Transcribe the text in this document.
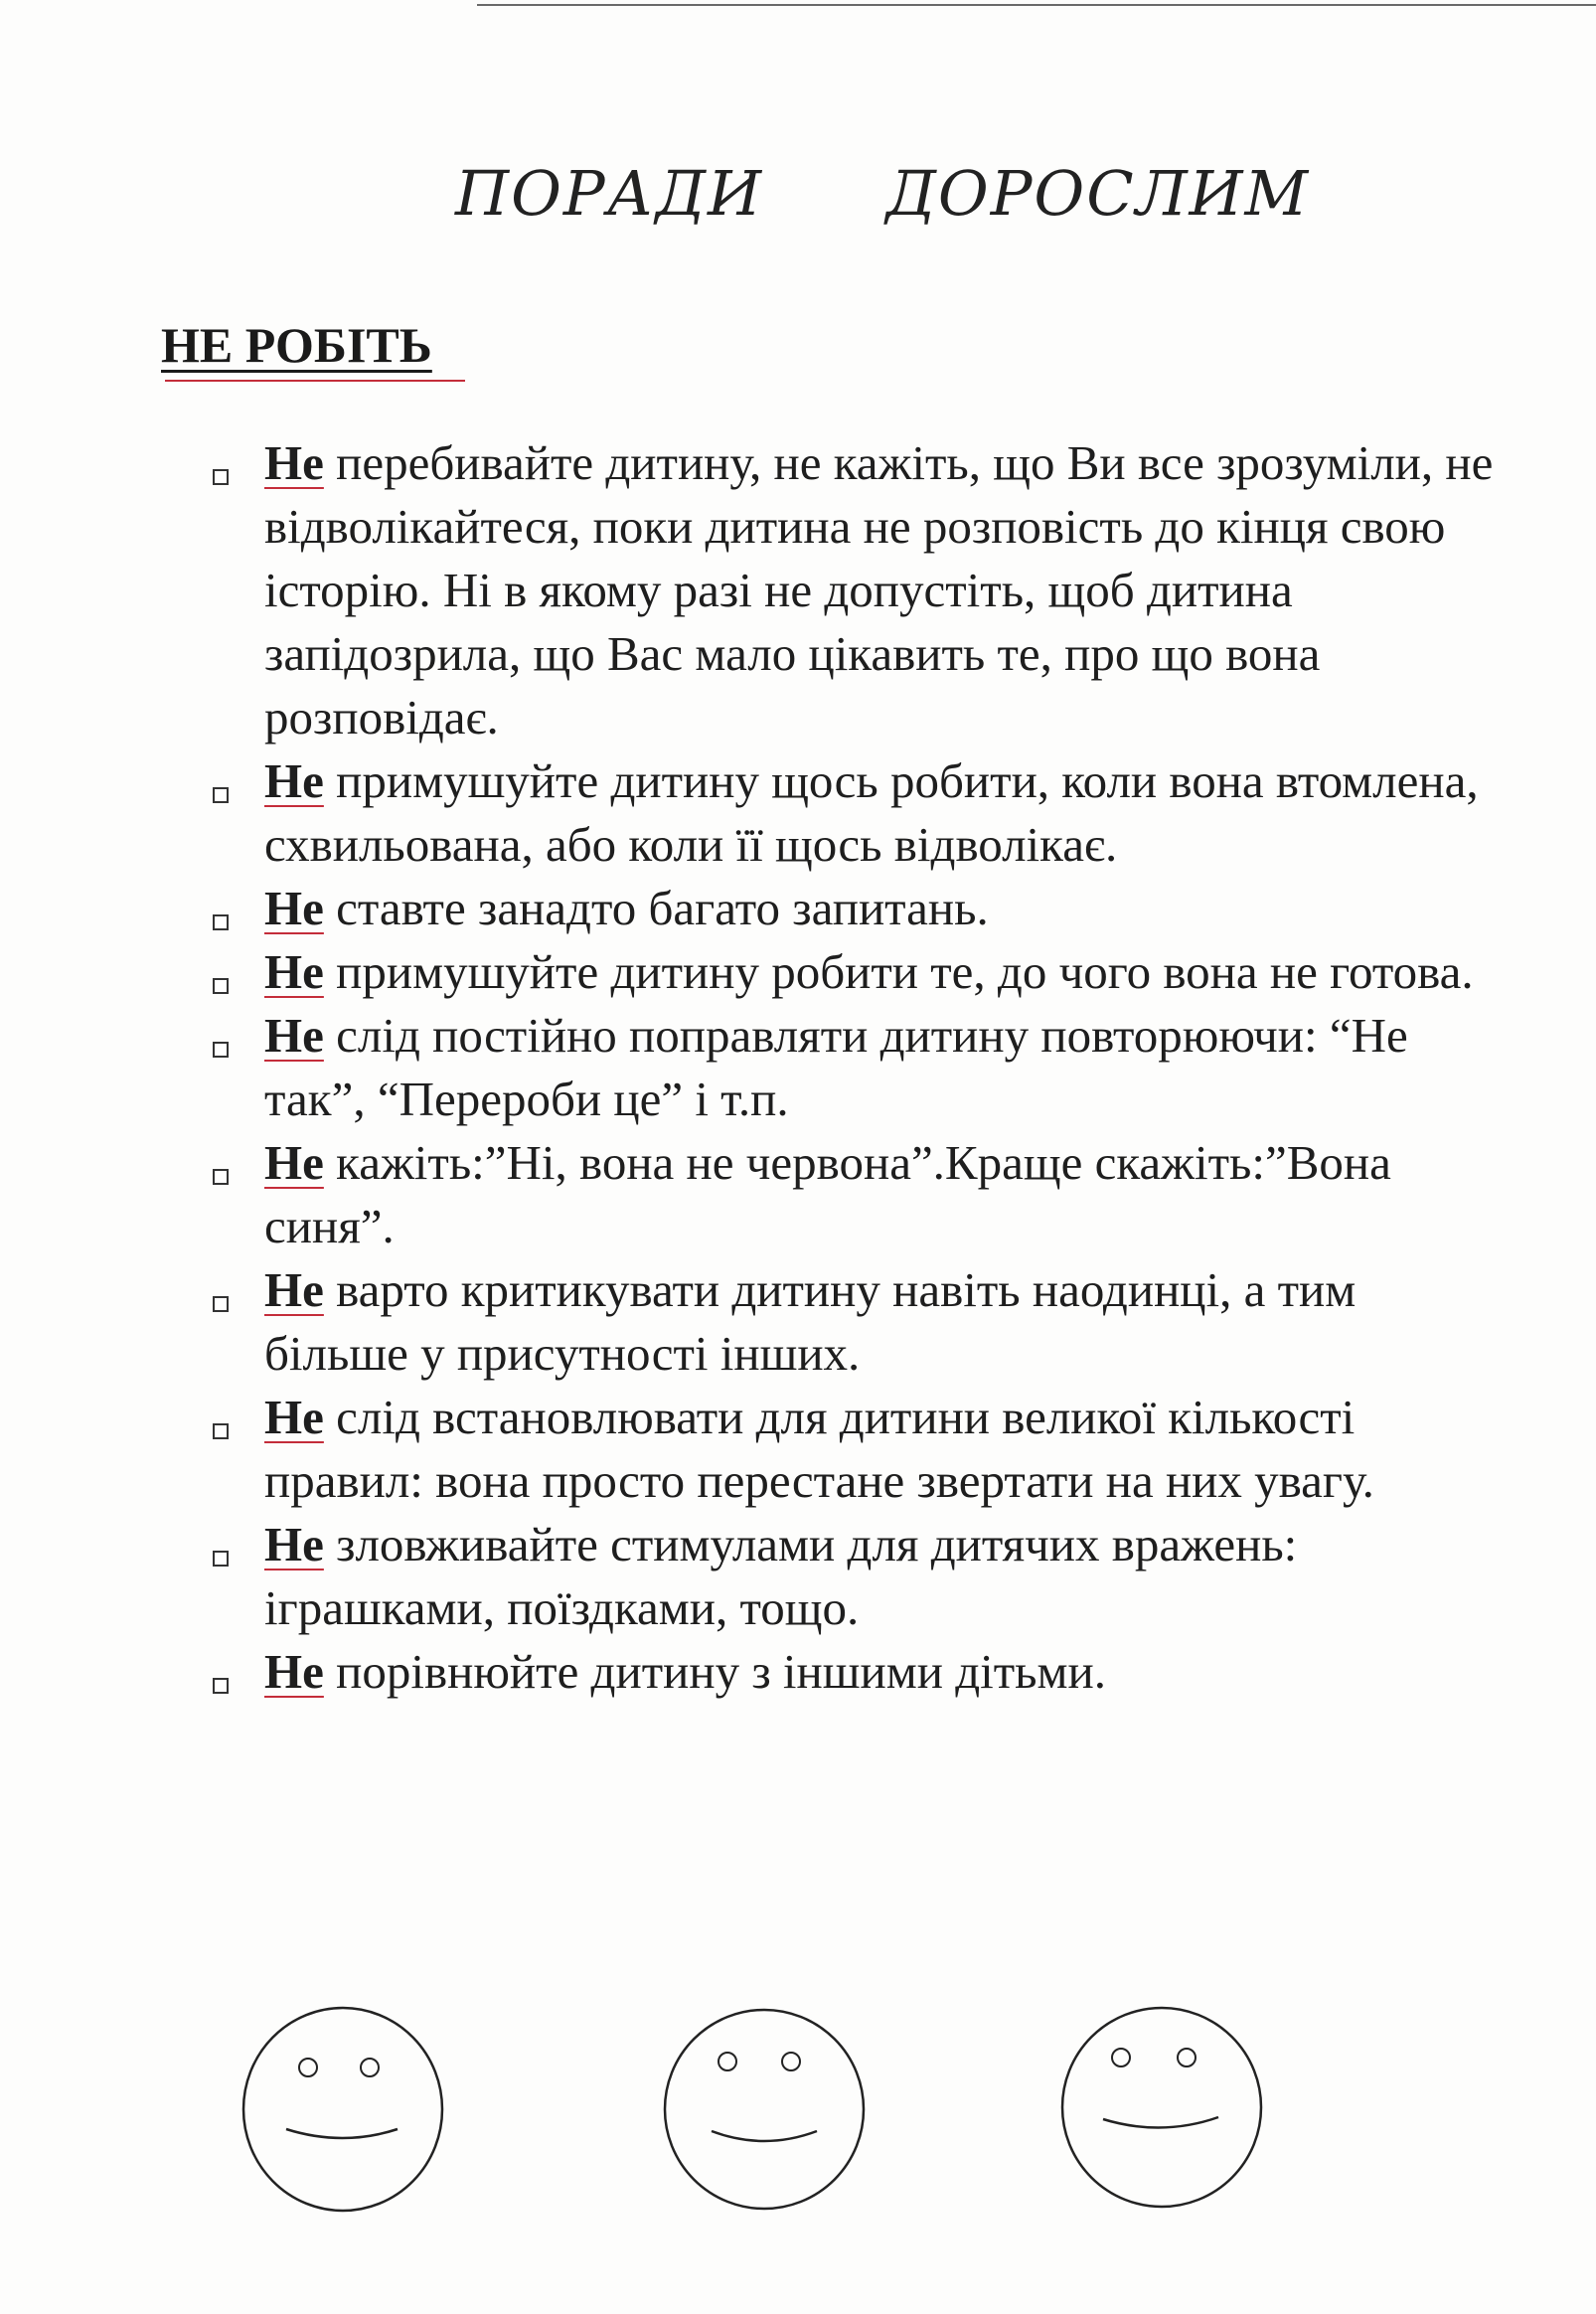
ПОРАДИ ДОРОСЛИМ
НЕ РОБІТЬ
Не перебивайте дитину, не кажіть, що Ви все зрозуміли, не відволікайтеся, поки дитина не розповість до кінця свою історію. Ні в якому разі не допустіть, щоб дитина запідозрила, що Вас мало цікавить те, про що вона розповідає.
Не примушуйте дитину щось робити, коли вона втомлена, схвильована, або коли її щось відволікає.
Не ставте занадто багато запитань.
Не примушуйте дитину робити те, до чого вона не готова.
Не слід постійно поправляти дитину повторюючи: “Не так”, “Перероби це” і т.п.
Не кажіть:”Ні, вона не червона”.Краще скажіть:”Вона синя”.
Не варто критикувати дитину навіть наодинці, а тим більше у присутності інших.
Не слід встановлювати для дитини великої кількості правил: вона просто перестане звертати на них увагу.
Не зловживайте стимулами для дитячих вражень: іграшками, поїздками, тощо.
Не порівнюйте дитину з іншими дітьми.
